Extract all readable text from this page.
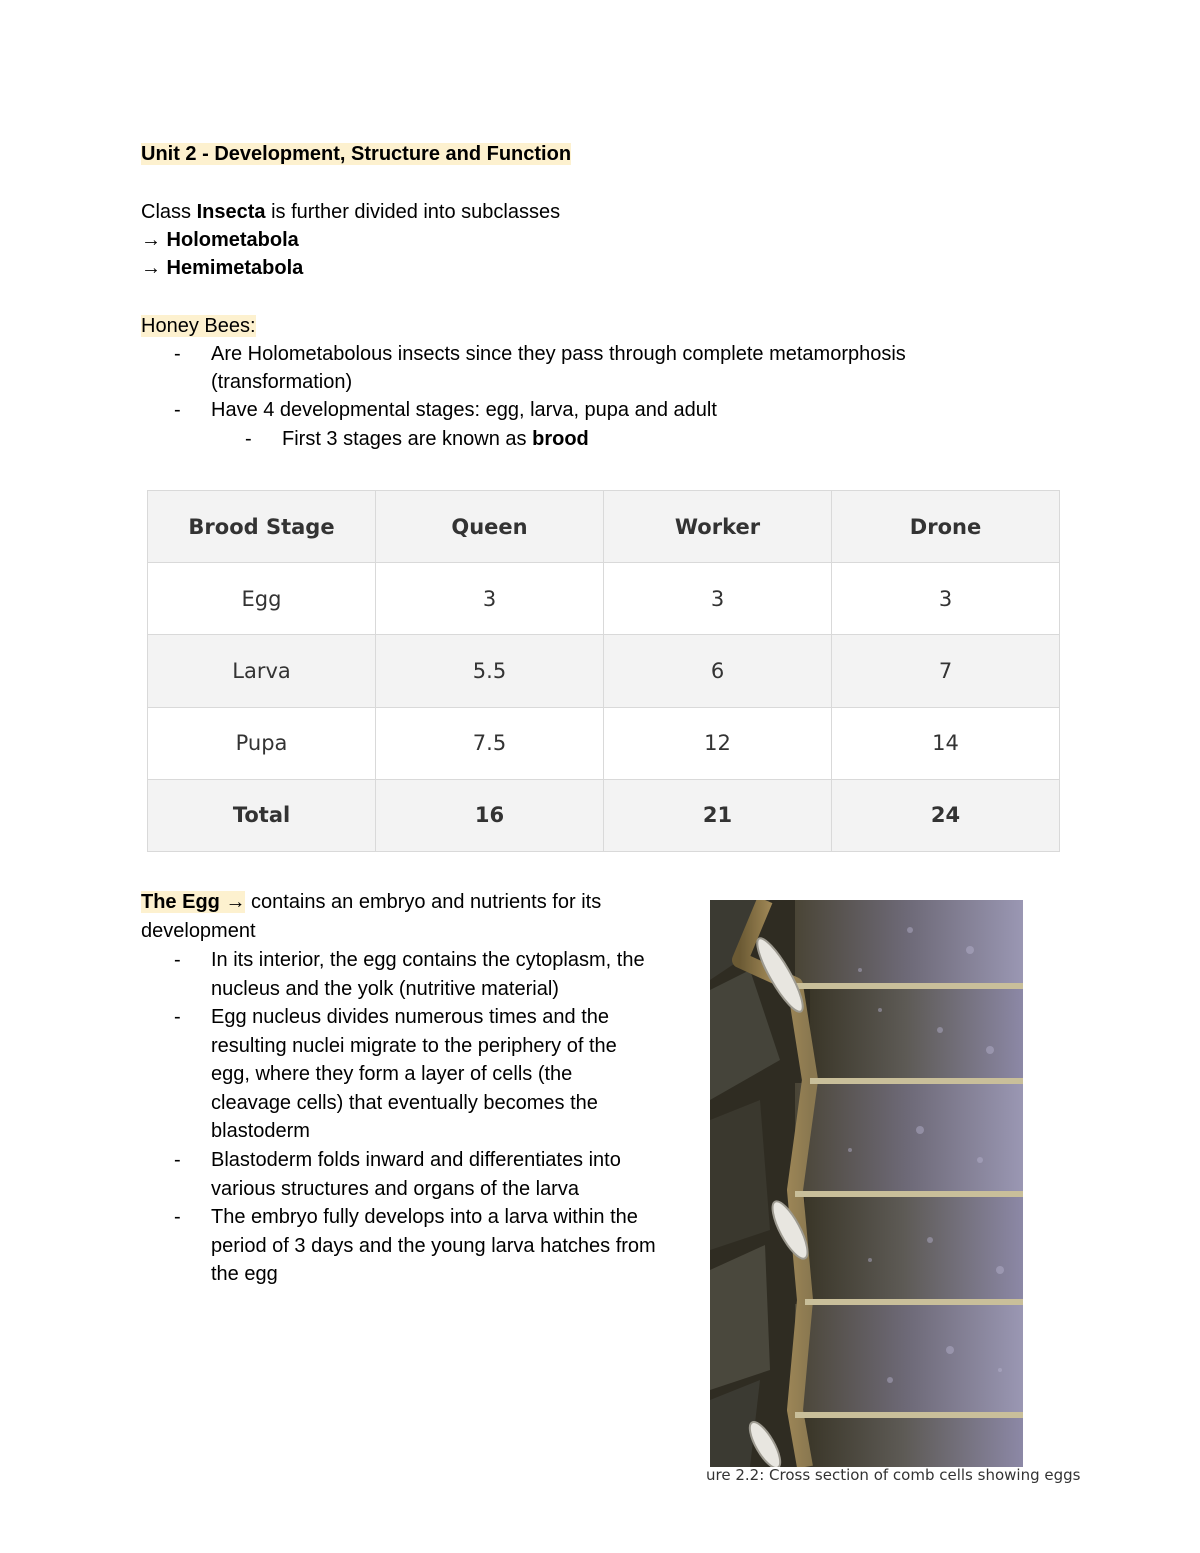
Unit 2 - Development, Structure and Function
Class Insecta is further divided into subclasses
→ Holometabola
→ Hemimetabola
Honey Bees:
- Are Holometabolous insects since they pass through complete metamorphosis
(transformation)
- Have 4 developmental stages: egg, larva, pupa and adult
- First 3 stages are known as brood
Brood Stage	Queen	Worker	Drone
Egg	3	3	3
Larva	5.5	6	7
Pupa	7.5	12	14
Total	16	21	24
The Egg → contains an embryo and nutrients for its
development
- In its interior, the egg contains the cytoplasm, the nucleus and the yolk (nutritive material)
- Egg nucleus divides numerous times and the resulting nuclei migrate to the periphery of the egg, where they form a layer of cells (the cleavage cells) that eventually becomes the blastoderm
- Blastoderm folds inward and differentiates into various structures and organs of the larva
- The embryo fully develops into a larva within the period of 3 days and the young larva hatches from the egg
ure 2.2: Cross section of comb cells showing eggs
